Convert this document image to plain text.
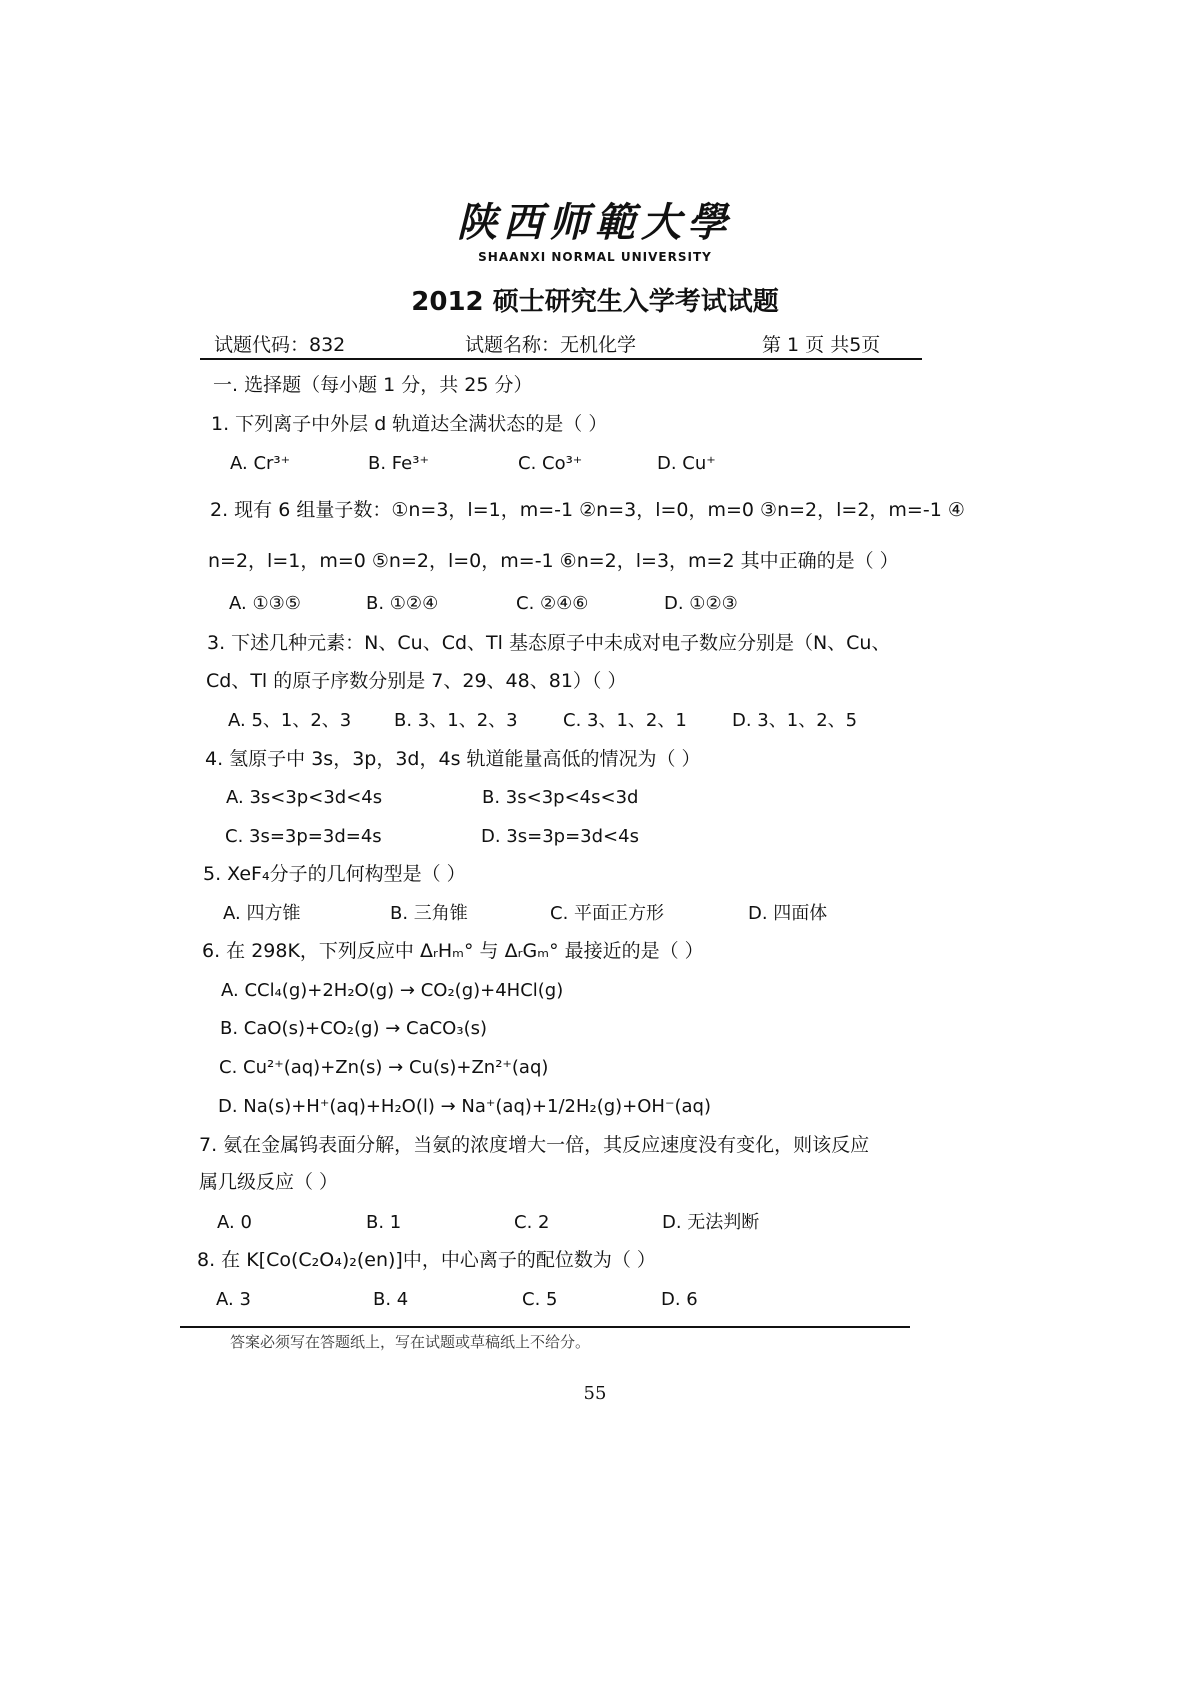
陕西师範大學
SHAANXI NORMAL UNIVERSITY
2012 硕士研究生入学考试试题
试题代码：832	试题名称：无机化学	第 1 页 共5页
一. 选择题（每小题 1 分，共 25 分）
1. 下列离子中外层 d 轨道达全满状态的是（ ）
A. Cr³⁺	B. Fe³⁺	C. Co³⁺	D. Cu⁺
2. 现有 6 组量子数：①n=3，l=1，m=-1 ②n=3，l=0，m=0 ③n=2，l=2，m=-1 ④
n=2，l=1，m=0 ⑤n=2，l=0，m=-1 ⑥n=2，l=3，m=2 其中正确的是（ ）
A. ①③⑤	B. ①②④	C. ②④⑥	D. ①②③
3. 下述几种元素：N、Cu、Cd、Tl 基态原子中未成对电子数应分别是（N、Cu、
Cd、Tl 的原子序数分别是 7、29、48、81）（ ）
A. 5、1、2、3 B. 3、1、2、3	C. 3、1、2、1	D. 3、1、2、5
4. 氢原子中 3s，3p，3d，4s 轨道能量高低的情况为（ ）
A. 3s<3p<3d<4s	B. 3s<3p<4s<3d
C. 3s=3p=3d=4s	D. 3s=3p=3d<4s
5. XeF₄分子的几何构型是（ ）
A. 四方锥	B. 三角锥	C. 平面正方形	D. 四面体
6. 在 298K，下列反应中 ΔᵣHₘ° 与 ΔᵣGₘ° 最接近的是（ ）
A. CCl₄(g)+2H₂O(g) → CO₂(g)+4HCl(g)
B. CaO(s)+CO₂(g) → CaCO₃(s)
C. Cu²⁺(aq)+Zn(s) → Cu(s)+Zn²⁺(aq)
D. Na(s)+H⁺(aq)+H₂O(l) → Na⁺(aq)+1/2H₂(g)+OH⁻(aq)
7. 氨在金属钨表面分解，当氨的浓度增大一倍，其反应速度没有变化，则该反应
属几级反应（ ）
A. 0	B. 1	C. 2	D. 无法判断
8. 在 K[Co(C₂O₄)₂(en)]中，中心离子的配位数为（ ）
A. 3	B. 4	C. 5	D. 6
答案必须写在答题纸上，写在试题或草稿纸上不给分。
55
